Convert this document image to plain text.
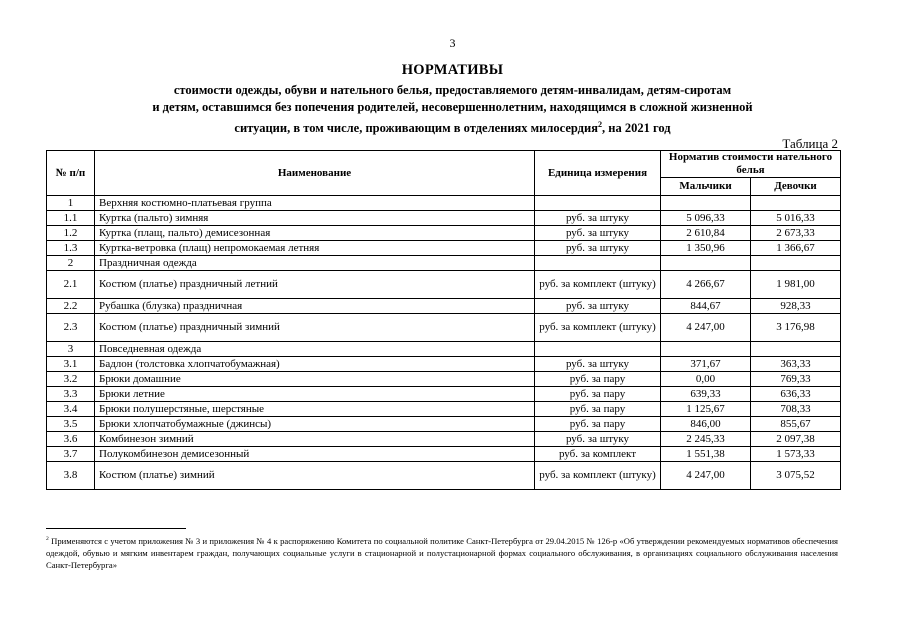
3
НОРМАТИВЫ
стоимости одежды, обуви и нательного белья, предоставляемого детям-инвалидам, детям-сиротам
и детям, оставшимся без попечения родителей, несовершеннолетним, находящимся в сложной жизненной
ситуации, в том числе, проживающим в отделениях милосердия$^2$, на 2021 год
Таблица 2
№ п/п	Наименование	Единица измерения	Норматив стоимости нательного белья	
			Мальчики	Девочки
1	Верхняя костюмно-платьевая группа			
1.1	Куртка (пальто) зимняя	руб. за штуку	5 096,33	5 016,33
1.2	Куртка (плащ, пальто) демисезонная	руб. за штуку	2 610,84	2 673,33
1.3	Куртка-ветровка (плащ) непромокаемая летняя	руб. за штуку	1 350,96	1 366,67
2	Праздничная одежда			
2.1	Костюм (платье) праздничный летний	руб. за комплект (штуку)	4 266,67	1 981,00
2.2	Рубашка (блузка) праздничная	руб. за штуку	844,67	928,33
2.3	Костюм (платье) праздничный зимний	руб. за комплект (штуку)	4 247,00	3 176,98
3	Повседневная одежда			
3.1	Бадлон (толстовка хлопчатобумажная)	руб. за штуку	371,67	363,33
3.2	Брюки домашние	руб. за пару	0,00	769,33
3.3	Брюки летние	руб. за пару	639,33	636,33
3.4	Брюки полушерстяные, шерстяные	руб. за пару	1 125,67	708,33
3.5	Брюки хлопчатобумажные (джинсы)	руб. за пару	846,00	855,67
3.6	Комбинезон зимний	руб. за штуку	2 245,33	2 097,38
3.7	Полукомбинезон демисезонный	руб. за комплект	1 551,38	1 573,33
3.8	Костюм (платье) зимний	руб. за комплект (штуку)	4 247,00	3 075,52
$^2$ Применяются с учетом приложения № 3 и приложения № 4 к распоряжению Комитета по социальной политике Санкт-Петербурга от 29.04.2015 № 126-р «Об утверждении рекомендуемых нормативов обеспечения одеждой, обувью и мягким инвентарем граждан, получающих социальные услуги в стационарной и полустационарной формах социального обслуживания, в организациях социального обслуживания населения Санкт-Петербурга»
